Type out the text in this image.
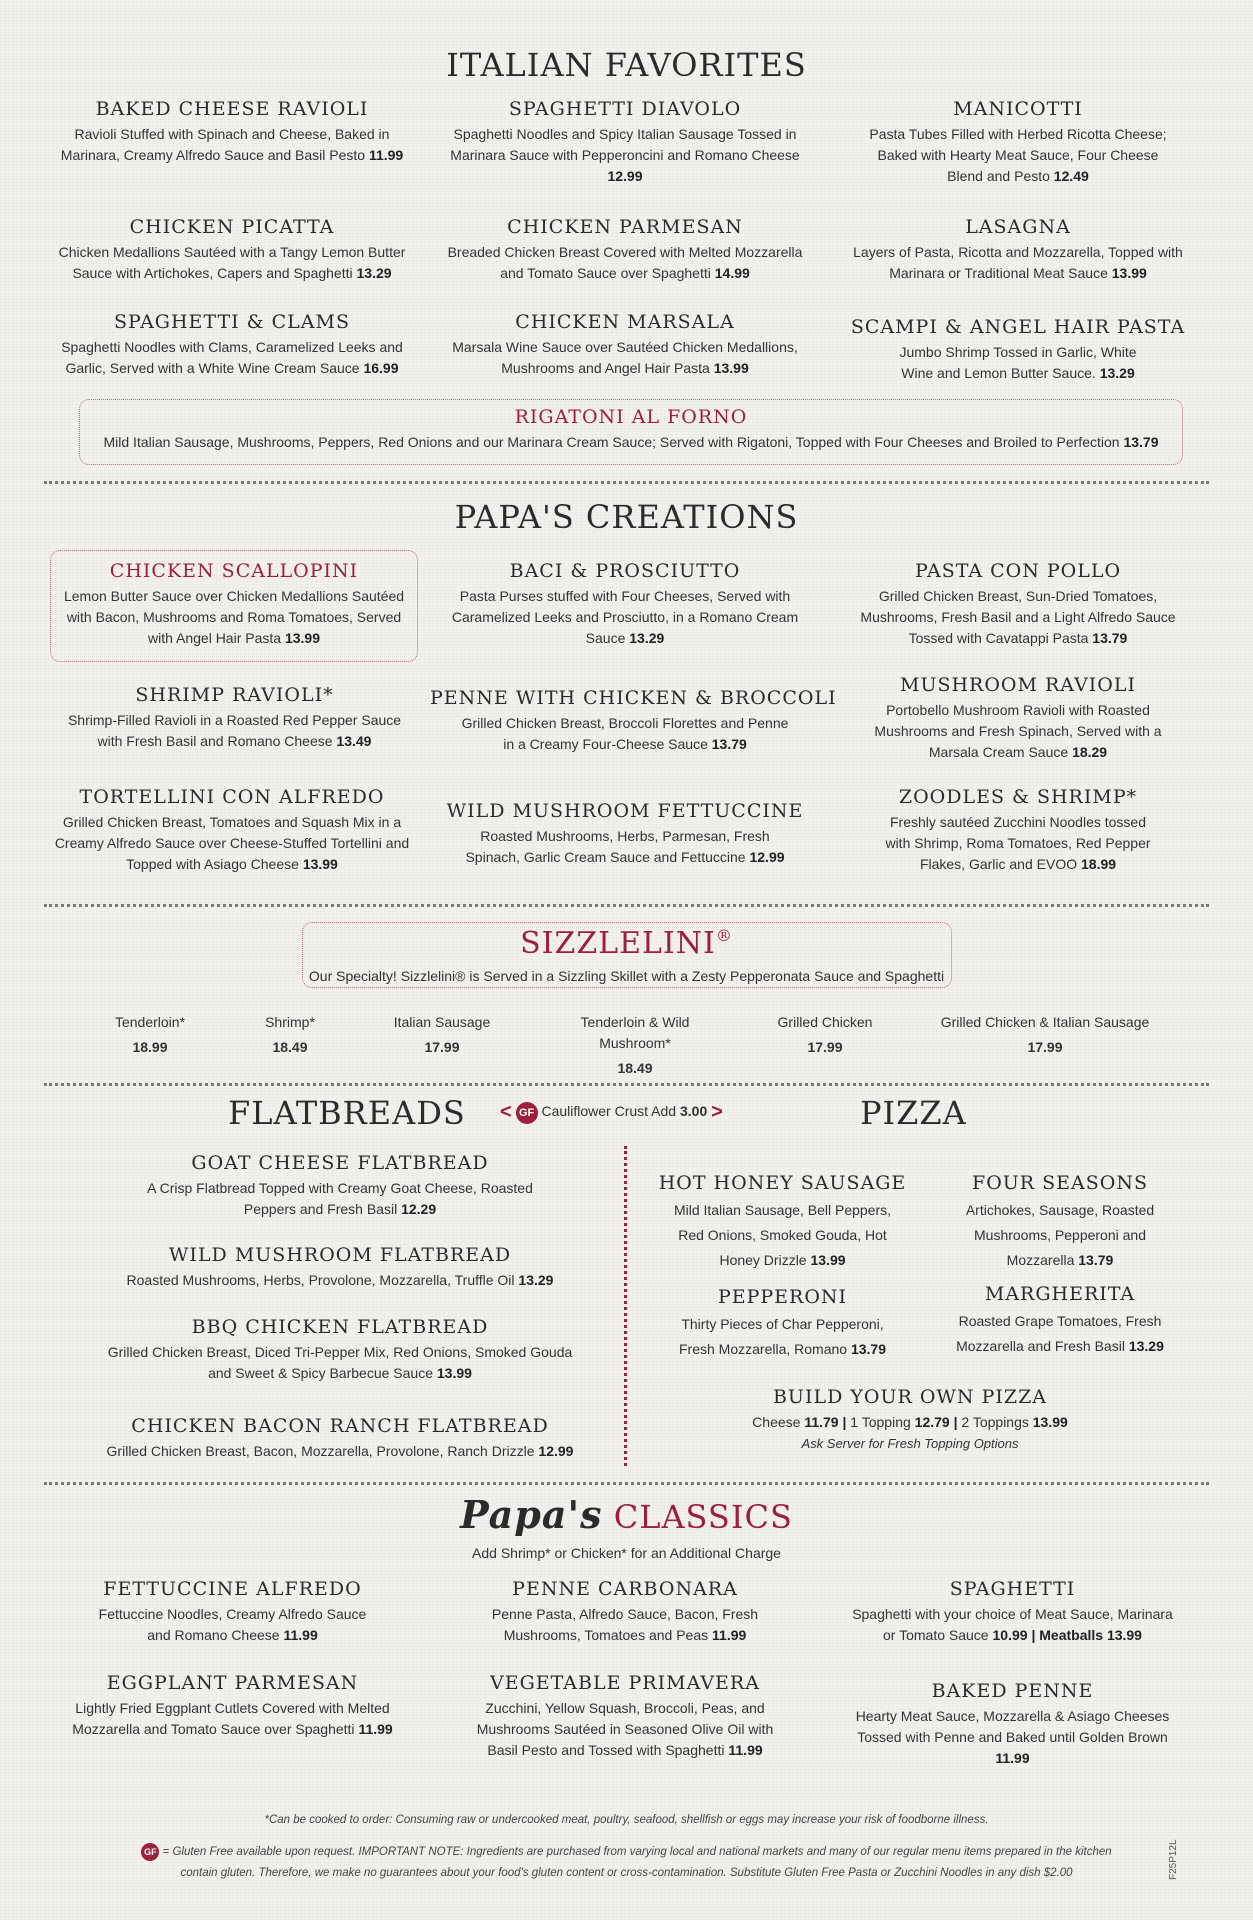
ITALIAN FAVORITES
BAKED CHEESE RAVIOLI
Ravioli Stuffed with Spinach and Cheese, Baked in Marinara, Creamy Alfredo Sauce and Basil Pesto 11.99
SPAGHETTI DIAVOLO
Spaghetti Noodles and Spicy Italian Sausage Tossed in Marinara Sauce with Pepperoncini and Romano Cheese 12.99
MANICOTTI
Pasta Tubes Filled with Herbed Ricotta Cheese; Baked with Hearty Meat Sauce, Four Cheese Blend and Pesto 12.49
CHICKEN PICATTA
Chicken Medallions Sautéed with a Tangy Lemon Butter Sauce with Artichokes, Capers and Spaghetti 13.29
CHICKEN PARMESAN
Breaded Chicken Breast Covered with Melted Mozzarella and Tomato Sauce over Spaghetti 14.99
LASAGNA
Layers of Pasta, Ricotta and Mozzarella, Topped with Marinara or Traditional Meat Sauce 13.99
SPAGHETTI & CLAMS
Spaghetti Noodles with Clams, Caramelized Leeks and Garlic, Served with a White Wine Cream Sauce 16.99
CHICKEN MARSALA
Marsala Wine Sauce over Sautéed Chicken Medallions, Mushrooms and Angel Hair Pasta 13.99
SCAMPI & ANGEL HAIR PASTA
Jumbo Shrimp Tossed in Garlic, White Wine and Lemon Butter Sauce. 13.29
RIGATONI AL FORNO
Mild Italian Sausage, Mushrooms, Peppers, Red Onions and our Marinara Cream Sauce; Served with Rigatoni, Topped with Four Cheeses and Broiled to Perfection 13.79
PAPA'S CREATIONS
CHICKEN SCALLOPINI
Lemon Butter Sauce over Chicken Medallions Sautéed with Bacon, Mushrooms and Roma Tomatoes, Served with Angel Hair Pasta 13.99
BACI & PROSCIUTTO
Pasta Purses stuffed with Four Cheeses, Served with Caramelized Leeks and Prosciutto, in a Romano Cream Sauce 13.29
PASTA CON POLLO
Grilled Chicken Breast, Sun-Dried Tomatoes, Mushrooms, Fresh Basil and a Light Alfredo Sauce Tossed with Cavatappi Pasta 13.79
SHRIMP RAVIOLI*
Shrimp-Filled Ravioli in a Roasted Red Pepper Sauce with Fresh Basil and Romano Cheese 13.49
PENNE WITH CHICKEN & BROCCOLI
Grilled Chicken Breast, Broccoli Florettes and Penne in a Creamy Four-Cheese Sauce 13.79
MUSHROOM RAVIOLI
Portobello Mushroom Ravioli with Roasted Mushrooms and Fresh Spinach, Served with a Marsala Cream Sauce 18.29
TORTELLINI CON ALFREDO
Grilled Chicken Breast, Tomatoes and Squash Mix in a Creamy Alfredo Sauce over Cheese-Stuffed Tortellini and Topped with Asiago Cheese 13.99
WILD MUSHROOM FETTUCCINE
Roasted Mushrooms, Herbs, Parmesan, Fresh Spinach, Garlic Cream Sauce and Fettuccine 12.99
ZOODLES & SHRIMP*
Freshly sautéed Zucchini Noodles tossed with Shrimp, Roma Tomatoes, Red Pepper Flakes, Garlic and EVOO 18.99
SIZZLELINI®
Our Specialty! Sizzlelini® is Served in a Sizzling Skillet with a Zesty Pepperonata Sauce and Spaghetti
Tenderloin*
18.99
Shrimp*
18.49
Italian Sausage
17.99
Tenderloin & Wild Mushroom*
18.49
Grilled Chicken
17.99
Grilled Chicken & Italian Sausage
17.99
FLATBREADS < GF Cauliflower Crust Add 3.00 >	PIZZA
GOAT CHEESE FLATBREAD
A Crisp Flatbread Topped with Creamy Goat Cheese, Roasted Peppers and Fresh Basil 12.29
WILD MUSHROOM FLATBREAD
Roasted Mushrooms, Herbs, Provolone, Mozzarella, Truffle Oil 13.29
BBQ CHICKEN FLATBREAD
Grilled Chicken Breast, Diced Tri-Pepper Mix, Red Onions, Smoked Gouda and Sweet & Spicy Barbecue Sauce 13.99
CHICKEN BACON RANCH FLATBREAD
Grilled Chicken Breast, Bacon, Mozzarella, Provolone, Ranch Drizzle 12.99
HOT HONEY SAUSAGE
Mild Italian Sausage, Bell Peppers, Red Onions, Smoked Gouda, Hot Honey Drizzle 13.99
FOUR SEASONS
Artichokes, Sausage, Roasted Mushrooms, Pepperoni and Mozzarella 13.79
PEPPERONI
Thirty Pieces of Char Pepperoni, Fresh Mozzarella, Romano 13.79
MARGHERITA
Roasted Grape Tomatoes, Fresh Mozzarella and Fresh Basil 13.29
BUILD YOUR OWN PIZZA
Cheese 11.79 | 1 Topping 12.79 | 2 Toppings 13.99
Ask Server for Fresh Topping Options
Papa's CLASSICS
Add Shrimp* or Chicken* for an Additional Charge
FETTUCCINE ALFREDO
Fettuccine Noodles, Creamy Alfredo Sauce and Romano Cheese 11.99
PENNE CARBONARA
Penne Pasta, Alfredo Sauce, Bacon, Fresh Mushrooms, Tomatoes and Peas 11.99
SPAGHETTI
Spaghetti with your choice of Meat Sauce, Marinara or Tomato Sauce 10.99 | Meatballs 13.99
EGGPLANT PARMESAN
Lightly Fried Eggplant Cutlets Covered with Melted Mozzarella and Tomato Sauce over Spaghetti 11.99
VEGETABLE PRIMAVERA
Zucchini, Yellow Squash, Broccoli, Peas, and Mushrooms Sautéed in Seasoned Olive Oil with Basil Pesto and Tossed with Spaghetti 11.99
BAKED PENNE
Hearty Meat Sauce, Mozzarella & Asiago Cheeses Tossed with Penne and Baked until Golden Brown 11.99
*Can be cooked to order: Consuming raw or undercooked meat, poultry, seafood, shellfish or eggs may increase your risk of foodborne illness.
GF = Gluten Free available upon request. IMPORTANT NOTE: Ingredients are purchased from varying local and national markets and many of our regular menu items prepared in the kitchen
contain gluten. Therefore, we make no guarantees about your food's gluten content or cross-contamination. Substitute Gluten Free Pasta or Zucchini Noodles in any dish $2.00	F25P12L
